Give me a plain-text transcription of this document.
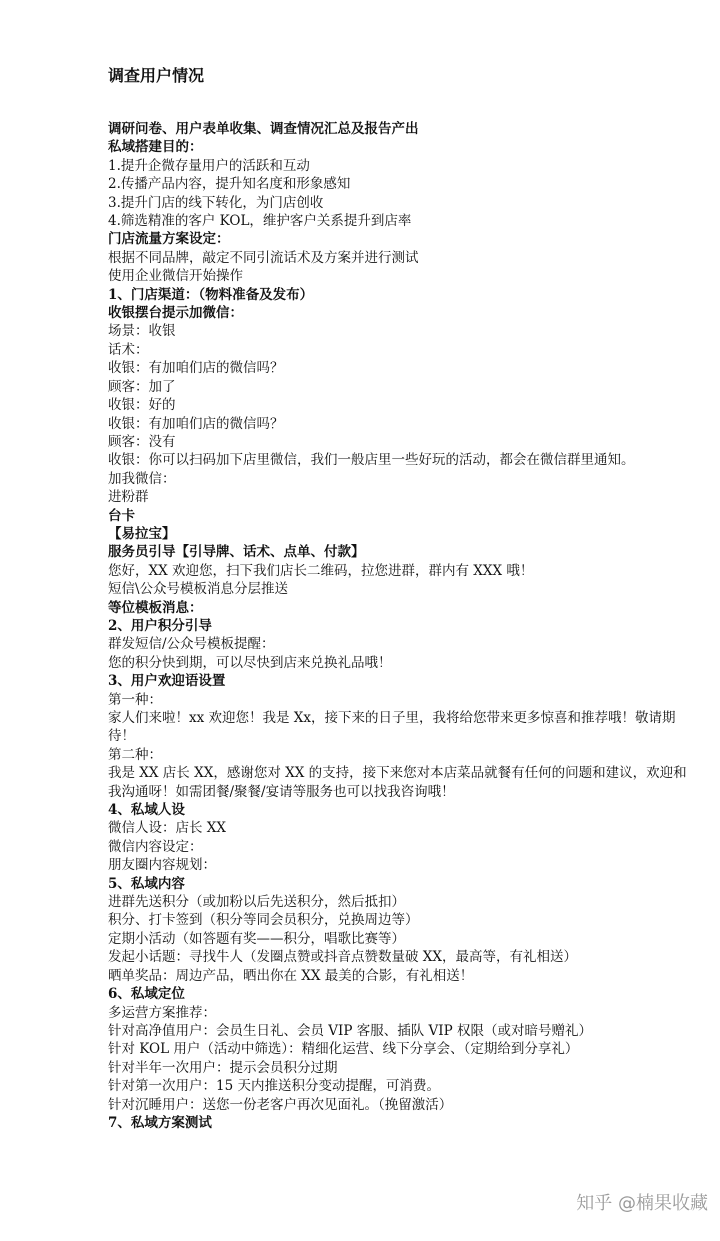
调查用户情况
调研问卷、用户表单收集、调查情况汇总及报告产出
私域搭建目的：
1.提升企微存量用户的活跃和互动
2.传播产品内容，提升知名度和形象感知
3.提升门店的线下转化，为门店创收
4.筛选精准的客户 KOL，维护客户关系提升到店率
门店流量方案设定：
根据不同品牌，敲定不同引流话术及方案并进行测试
使用企业微信开始操作
1、门店渠道：（物料准备及发布）
收银摆台提示加微信：
场景：收银
话术：
收银：有加咱们店的微信吗？
顾客：加了
收银：好的
收银：有加咱们店的微信吗？
顾客：没有
收银：你可以扫码加下店里微信，我们一般店里一些好玩的活动，都会在微信群里通知。
加我微信：
进粉群
台卡
【易拉宝】
服务员引导【引导牌、话术、点单、付款】
您好，XX 欢迎您，扫下我们店长二维码，拉您进群，群内有 XXX 哦！
短信\公众号模板消息分层推送
等位模板消息：
2、用户积分引导
群发短信/公众号模板提醒：
您的积分快到期，可以尽快到店来兑换礼品哦！
3、用户欢迎语设置
第一种：
家人们来啦！xx 欢迎您！我是 Xx，接下来的日子里，我将给您带来更多惊喜和推荐哦！敬请期待！
第二种：
我是 XX 店长 XX，感谢您对 XX 的支持，接下来您对本店菜品就餐有任何的问题和建议，欢迎和我沟通呀！如需团餐/聚餐/宴请等服务也可以找我咨询哦！
4、私域人设
微信人设：店长 XX
微信内容设定：
朋友圈内容规划：
5、私域内容
进群先送积分（或加粉以后先送积分，然后抵扣）
积分、打卡签到（积分等同会员积分，兑换周边等）
定期小活动（如答题有奖——积分，唱歌比赛等）
发起小话题：寻找牛人（发圈点赞或抖音点赞数量破 XX，最高等，有礼相送）
晒单奖品：周边产品，晒出你在 XX 最美的合影，有礼相送！
6、私域定位
多运营方案推荐：
针对高净值用户：会员生日礼、会员 VIP 客服、插队 VIP 权限（或对暗号赠礼）
针对 KOL 用户（活动中筛选）：精细化运营、线下分享会、（定期给到分享礼）
针对半年一次用户：提示会员积分过期
针对第一次用户：15 天内推送积分变动提醒，可消费。
针对沉睡用户：送您一份老客户再次见面礼。（挽留激活）
7、私域方案测试
知乎 @楠果收藏
